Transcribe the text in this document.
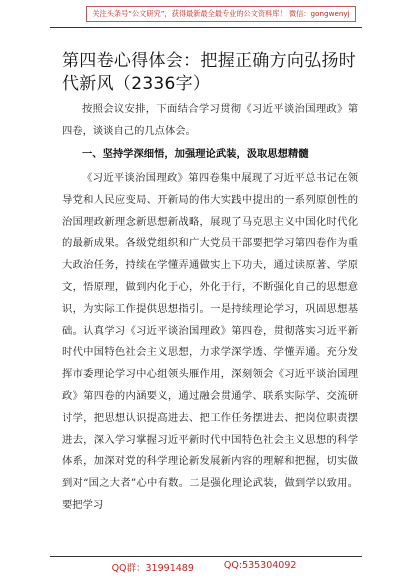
关注头条号“公文研究”，获得最新最全最专业的公文资料库！ 微信：gongwenyj
第四卷心得体会：把握正确方向弘扬时代新风（2336字）

按照会议安排，下面结合学习贯彻《习近平谈治国理政》第四卷，谈谈自己的几点体会。

一、坚持学深细悟，加强理论武装，汲取思想精髓

《习近平谈治国理政》第四卷集中展现了习近平总书记在领导党和人民应变局、开新局的伟大实践中提出的一系列原创性的治国理政新理念新思想新战略，展现了马克思主义中国化时代化的最新成果。各级党组织和广大党员干部要把学习第四卷作为重大政治任务，持续在学懂弄通做实上下功夫，通过读原著、学原文，悟原理，做到内化于心，外化于行，不断强化自己的思想意识，为实际工作提供思想指引。一是持续理论学习，巩固思想基础。认真学习《习近平谈治国理政》第四卷，贯彻落实习近平新时代中国特色社会主义思想，力求学深学透、学懂弄通。充分发挥市委理论学习中心组领头雁作用，深刻领会《习近平谈治国理政》第四卷的内涵要义，通过融会贯通学、联系实际学、交流研讨学，把思想认识提高进去、把工作任务摆进去、把岗位职责摆进去，深入学习掌握习近平新时代中国特色社会主义思想的科学体系，加深对党的科学理论新发展新内容的理解和把握，切实做到对“国之大者”心中有数。二是强化理论武装，做到学以致用。要把学习

QQ群：31991489	QQ:535304092
